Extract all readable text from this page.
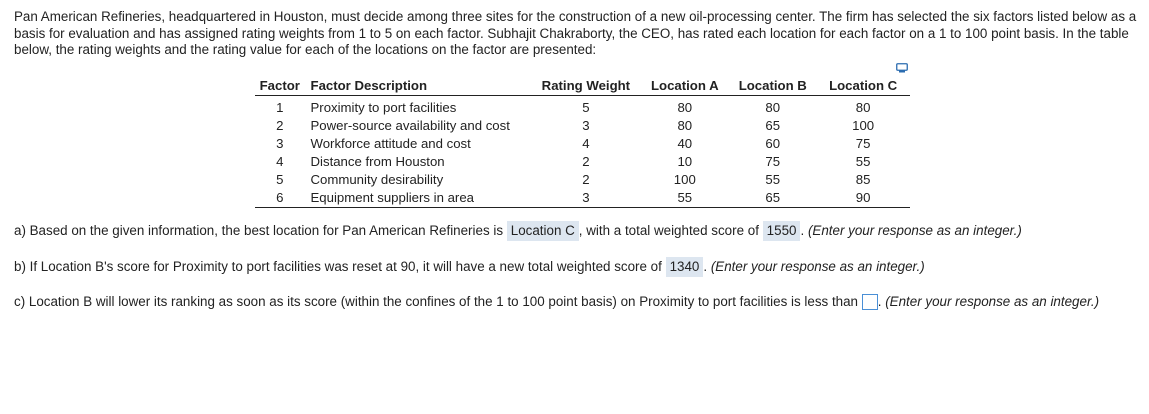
Pan American Refineries, headquartered in Houston, must decide among three sites for the construction of a new oil-processing center. The firm has selected the six factors listed below as a basis for evaluation and has assigned rating weights from 1 to 5 on each factor. Subhajit Chakraborty, the CEO, has rated each location for each factor on a 1 to 100 point basis. In the table below, the rating weights and the rating value for each of the locations on the factor are presented:

Factor	Factor Description	Rating Weight	Location A	Location B	Location C
1	Proximity to port facilities	5	80	80	80
2	Power-source availability and cost	3	80	65	100
3	Workforce attitude and cost	4	40	60	75
4	Distance from Houston	2	10	75	55
5	Community desirability	2	100	55	85
6	Equipment suppliers in area	3	55	65	90
a) Based on the given information, the best location for Pan American Refineries is Location C , with a total weighted score of 1550 . (Enter your response as an integer.)
b) If Location B's score for Proximity to port facilities was reset at 90, it will have a new total weighted score of 1340 . (Enter your response as an integer.)
c) Location B will lower its ranking as soon as its score (within the confines of the 1 to 100 point basis) on Proximity to port facilities is less than . (Enter your response as an integer.)
